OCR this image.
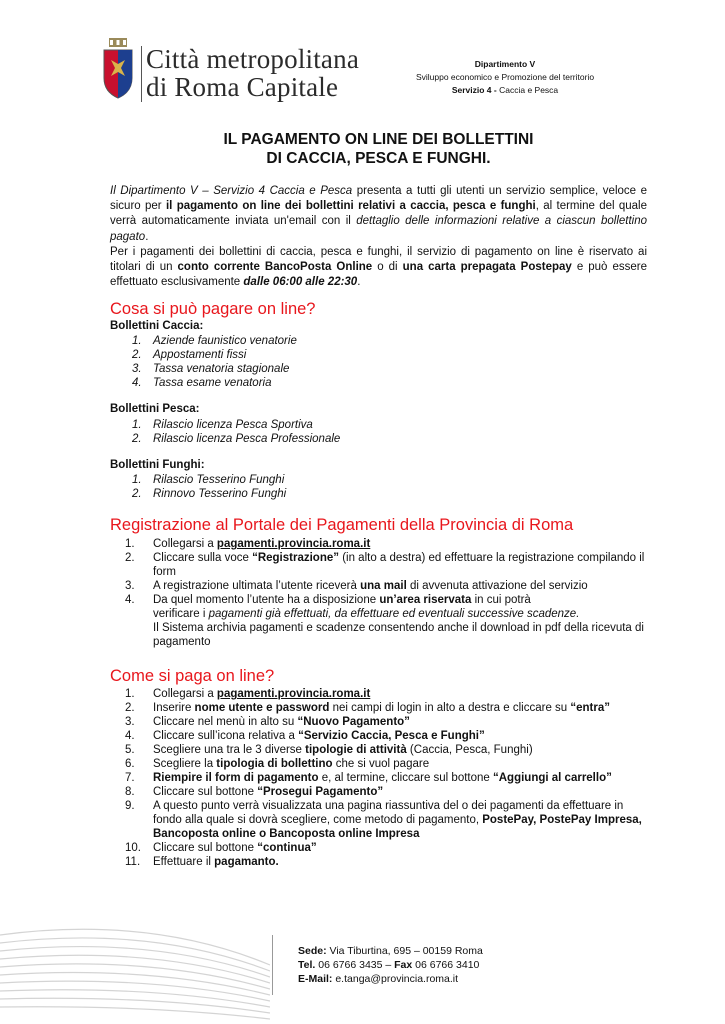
Città metropolitana
di Roma Capitale
Dipartimento V
Sviluppo economico e Promozione del territorio
Servizio 4 - Caccia e Pesca
IL PAGAMENTO ON LINE DEI BOLLETTINI
DI CACCIA, PESCA E FUNGHI.

Il Dipartimento V – Servizio 4 Caccia e Pesca presenta a tutti gli utenti un servizio semplice, veloce e sicuro per il pagamento on line dei bollettini relativi a caccia, pesca e funghi, al termine del quale verrà automaticamente inviata un'email con il dettaglio delle informazioni relative a ciascun bollettino pagato.

Per i pagamenti dei bollettini di caccia, pesca e funghi, il servizio di pagamento on line è riservato ai titolari di un conto corrente BancoPosta Online o di una carta prepagata Postepay e può essere effettuato esclusivamente dalle 06:00 alle 22:30.

Cosa si può pagare on line?
Bollettini Caccia:
1. Aziende faunistico venatorie
2. Appostamenti fissi
3. Tassa venatoria stagionale
4. Tassa esame venatoria
Bollettini Pesca:
1. Rilascio licenza Pesca Sportiva
2. Rilascio licenza Pesca Professionale
Bollettini Funghi:
1. Rilascio Tesserino Funghi
2. Rinnovo Tesserino Funghi
Registrazione al Portale dei Pagamenti della Provincia di Roma
1.	Collegarsi a pagamenti.provincia.roma.it
2.	Cliccare sulla voce “Registrazione” (in alto a destra) ed effettuare la registrazione compilando il form
3.	A registrazione ultimata l’utente riceverà una mail di avvenuta attivazione del servizio
4.	Da quel momento l’utente ha a disposizione un’area riservata in cui potrà
verificare i pagamenti già effettuati, da effettuare ed eventuali successive scadenze.
Il Sistema archivia pagamenti e scadenze consentendo anche il download in pdf della ricevuta di pagamento
Come si paga on line?
1.	Collegarsi a pagamenti.provincia.roma.it
2.	Inserire nome utente e password nei campi di login in alto a destra e cliccare su “entra”
3.	Cliccare nel menù in alto su “Nuovo Pagamento”
4.	Cliccare sull’icona relativa a “Servizio Caccia, Pesca e Funghi”
5.	Scegliere una tra le 3 diverse tipologie di attività (Caccia, Pesca, Funghi)
6.	Scegliere la tipologia di bollettino che si vuol pagare
7.	Riempire il form di pagamento e, al termine, cliccare sul bottone “Aggiungi al carrello”
8.	Cliccare sul bottone “Prosegui Pagamento”
9.	A questo punto verrà visualizzata una pagina riassuntiva del o dei pagamenti da effettuare in fondo alla quale si dovrà scegliere, come metodo di pagamento, PostePay, PostePay Impresa, Bancoposta online o Bancoposta online Impresa
10.	Cliccare sul bottone “continua”
11.	Effettuare il pagamanto.
Sede: Via Tiburtina, 695 – 00159 Roma
Tel. 06 6766 3435 – Fax 06 6766 3410
E-Mail: e.tanga@provincia.roma.it
